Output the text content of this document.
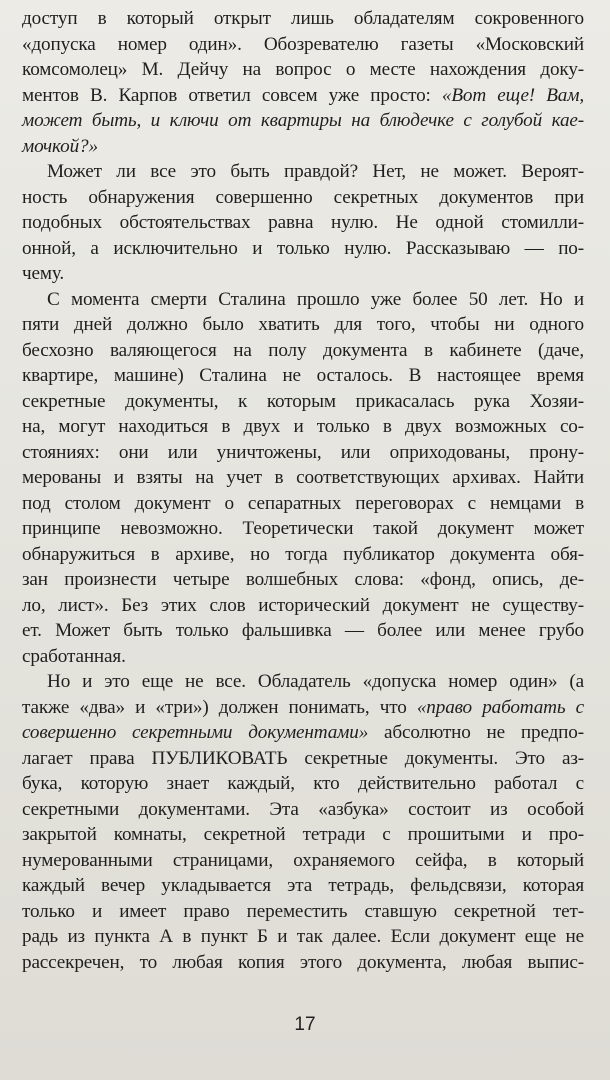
доступ в который открыт лишь обладателям сокровенного
«допуска номер один». Обозревателю газеты «Московский
комсомолец» М. Дейчу на вопрос о месте нахождения доку-
ментов В. Карпов ответил совсем уже просто: «Вот еще! Вам,
может быть, и ключи от квартиры на блюдечке с голубой кае-
мочкой?»
Может ли все это быть правдой? Нет, не может. Вероят-
ность обнаружения совершенно секретных документов при
подобных обстоятельствах равна нулю. Не одной стомилли-
онной, а исключительно и только нулю. Рассказываю — по-
чему.
С момента смерти Сталина прошло уже более 50 лет. Но и
пяти дней должно было хватить для того, чтобы ни одного
бесхозно валяющегося на полу документа в кабинете (даче,
квартире, машине) Сталина не осталось. В настоящее время
секретные документы, к которым прикасалась рука Хозяи-
на, могут находиться в двух и только в двух возможных со-
стояниях: они или уничтожены, или оприходованы, прону-
мерованы и взяты на учет в соответствующих архивах. Найти
под столом документ о сепаратных переговорах с немцами в
принципе невозможно. Теоретически такой документ может
обнаружиться в архиве, но тогда публикатор документа обя-
зан произнести четыре волшебных слова: «фонд, опись, де-
ло, лист». Без этих слов исторический документ не существу-
ет. Может быть только фальшивка — более или менее грубо
сработанная.
Но и это еще не все. Обладатель «допуска номер один» (а
также «два» и «три») должен понимать, что «право работать с
совершенно секретными документами» абсолютно не предпо-
лагает права ПУБЛИКОВАТЬ секретные документы. Это аз-
бука, которую знает каждый, кто действительно работал с
секретными документами. Эта «азбука» состоит из особой
закрытой комнаты, секретной тетради с прошитыми и про-
нумерованными страницами, охраняемого сейфа, в который
каждый вечер укладывается эта тетрадь, фельдсвязи, которая
только и имеет право переместить ставшую секретной тет-
радь из пункта А в пункт Б и так далее. Если документ еще не
рассекречен, то любая копия этого документа, любая выпис-
17
